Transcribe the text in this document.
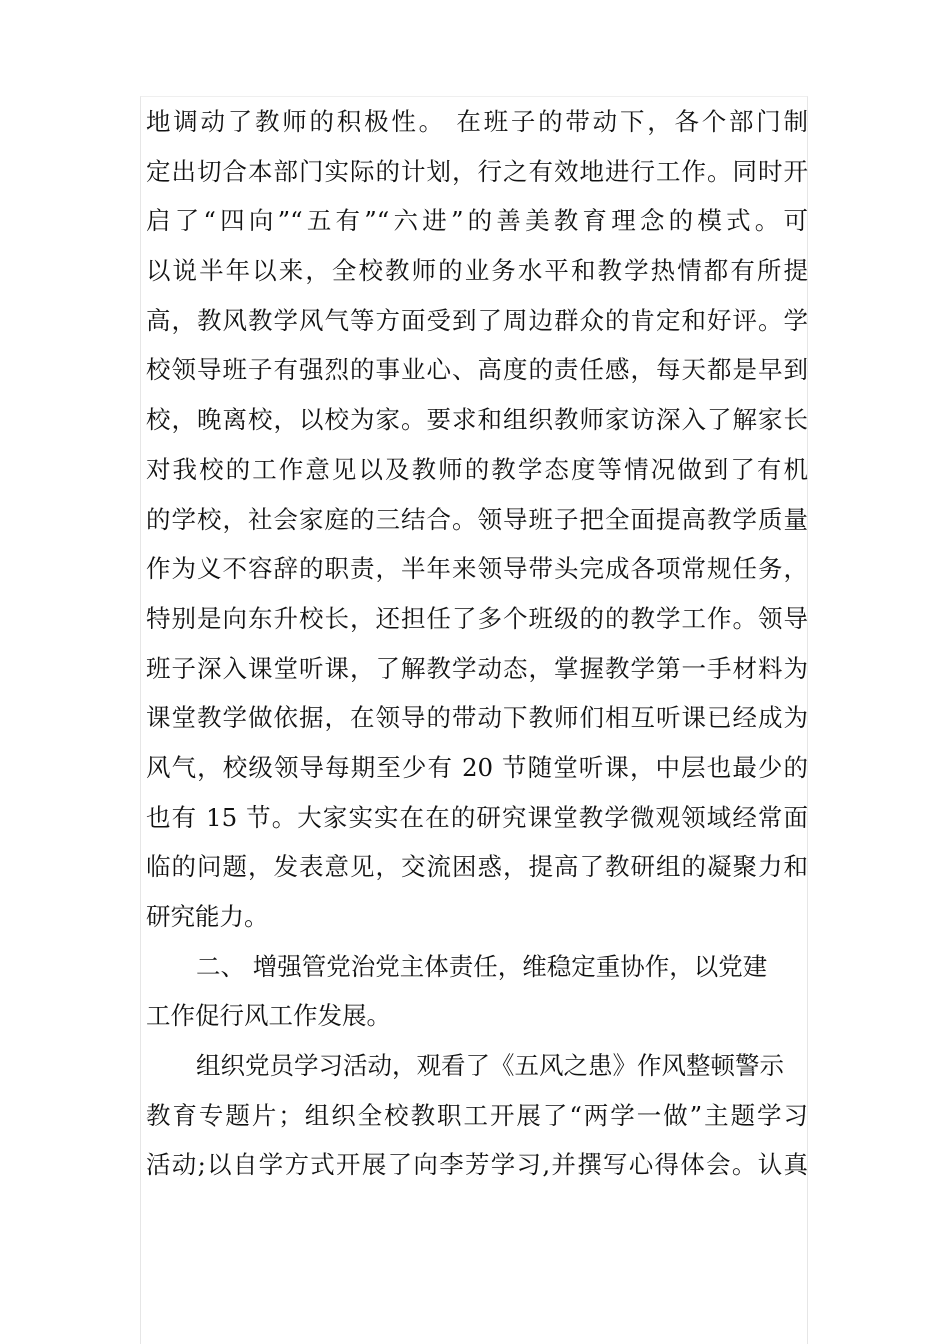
地调动了教师的积极性。 在班子的带动下，各个部门制
定出切合本部门实际的计划，行之有效地进行工作。同时开
启了“四向”“五有”“六进”的善美教育理念的模式。可
以说半年以来，全校教师的业务水平和教学热情都有所提
高，教风教学风气等方面受到了周边群众的肯定和好评。学
校领导班子有强烈的事业心、高度的责任感，每天都是早到
校，晚离校，以校为家。要求和组织教师家访深入了解家长
对我校的工作意见以及教师的教学态度等情况做到了有机
的学校，社会家庭的三结合。领导班子把全面提高教学质量
作为义不容辞的职责，半年来领导带头完成各项常规任务，
特别是向东升校长，还担任了多个班级的的教学工作。领导
班子深入课堂听课，了解教学动态，掌握教学第一手材料为
课堂教学做依据，在领导的带动下教师们相互听课已经成为
风气，校级领导每期至少有 20 节随堂听课，中层也最少的
也有 15 节。大家实实在在的研究课堂教学微观领域经常面
临的问题，发表意见，交流困惑，提高了教研组的凝聚力和
研究能力。
二、 增强管党治党主体责任，维稳定重协作，以党建
工作促行风工作发展。
组织党员学习活动，观看了《五风之患》作风整顿警示
教育专题片；组织全校教职工开展了“两学一做”主题学习
活动;以自学方式开展了向李芳学习,并撰写心得体会。认真
